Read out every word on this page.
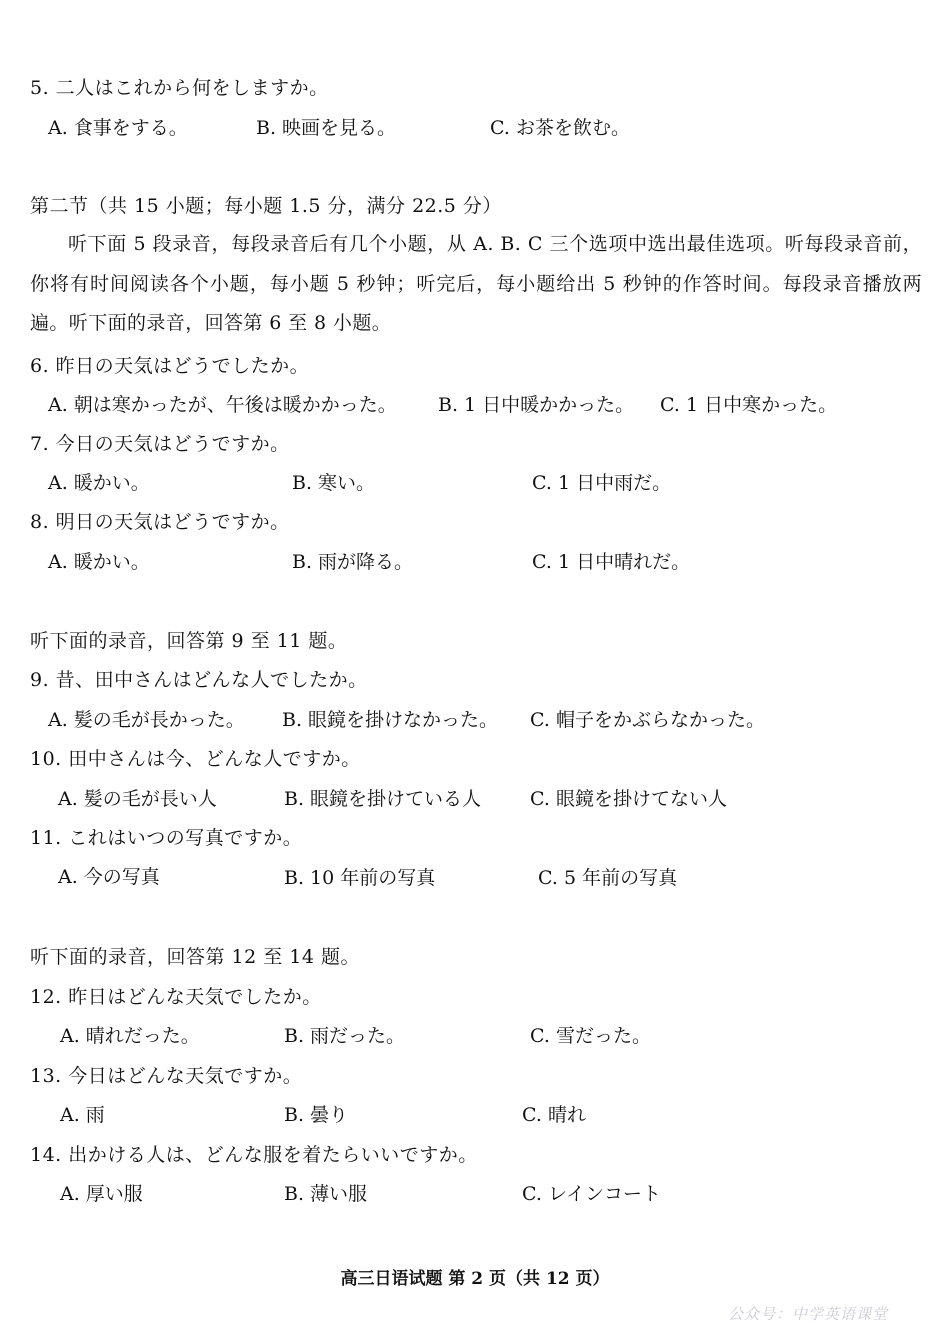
5. 二人はこれから何をしますか。
A. 食事をする。	B. 映画を見る。	C. お茶を飲む。
第二节（共 15 小题；每小题 1.5 分，满分 22.5 分）
听下面 5 段录音，每段录音后有几个小题，从 A. B. C 三个选项中选出最佳选项。听每段录音前，你将有时间阅读各个小题，每小题 5 秒钟；听完后，每小题给出 5 秒钟的作答时间。每段录音播放两遍。听下面的录音，回答第 6 至 8 小题。
6. 昨日の天気はどうでしたか。
A. 朝は寒かったが、午後は暖かかった。 B. 1 日中暖かかった。 C. 1 日中寒かった。
7. 今日の天気はどうですか。
A. 暖かい。	B. 寒い。	C. 1 日中雨だ。
8. 明日の天気はどうですか。
A. 暖かい。	B. 雨が降る。	C. 1 日中晴れだ。
听下面的录音，回答第 9 至 11 题。
9. 昔、田中さんはどんな人でしたか。
A. 髪の毛が長かった。 B. 眼鏡を掛けなかった。 C. 帽子をかぶらなかった。
10. 田中さんは今、どんな人ですか。
A. 髪の毛が長い人	B. 眼鏡を掛けている人	C. 眼鏡を掛けてない人
11. これはいつの写真ですか。
A. 今の写真	B. 10 年前の写真	C. 5 年前の写真
听下面的录音，回答第 12 至 14 题。
12. 昨日はどんな天気でしたか。
A. 晴れだった。	B. 雨だった。	C. 雪だった。
13. 今日はどんな天気ですか。
A. 雨	B. 曇り	C. 晴れ
14. 出かける人は、どんな服を着たらいいですか。
A. 厚い服	B. 薄い服	C. レインコート
高三日语试题 第 2 页（共 12 页）
公众号：中学英语课堂
